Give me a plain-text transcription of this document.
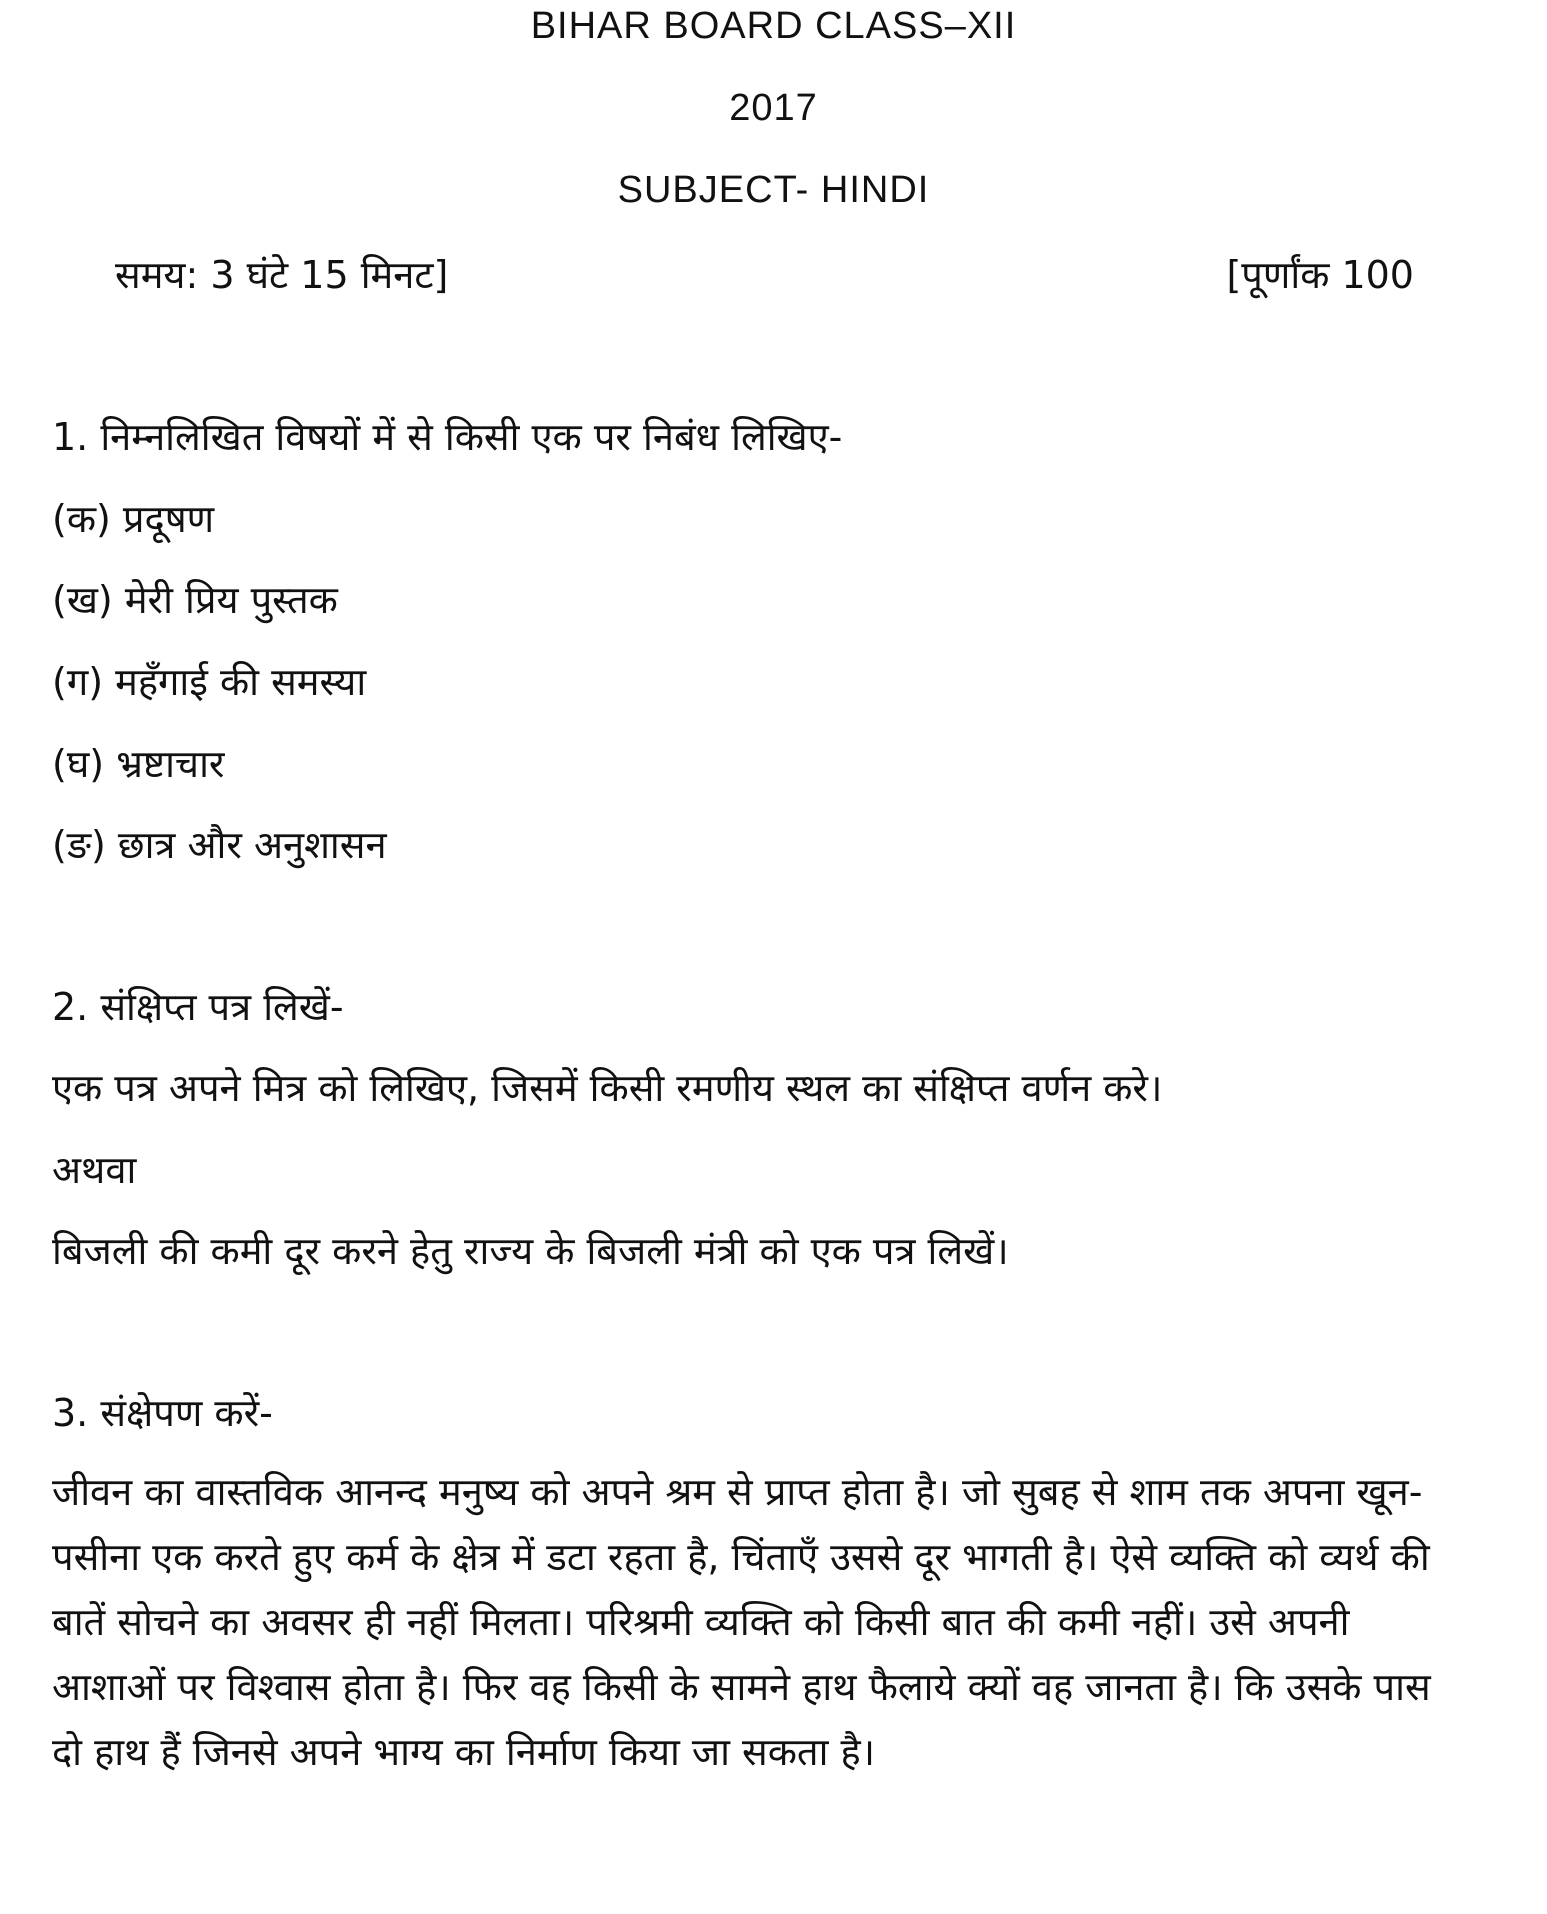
BIHAR BOARD CLASS–XII
2017
SUBJECT- HINDI
समय: 3 घंटे 15 मिनट]	[पूर्णांक 100
1. निम्नलिखित विषयों में से किसी एक पर निबंध लिखिए-
(क) प्रदूषण
(ख) मेरी प्रिय पुस्तक
(ग) महँगाई की समस्या
(घ) भ्रष्टाचार
(ङ) छात्र और अनुशासन
2. संक्षिप्त पत्र लिखें-
एक पत्र अपने मित्र को लिखिए, जिसमें किसी रमणीय स्थल का संक्षिप्त वर्णन करे।
अथवा
बिजली की कमी दूर करने हेतु राज्य के बिजली मंत्री को एक पत्र लिखें।
3. संक्षेपण करें-
जीवन का वास्तविक आनन्द मनुष्य को अपने श्रम से प्राप्त होता है। जो सुबह से शाम तक अपना खून-पसीना एक करते हुए कर्म के क्षेत्र में डटा रहता है, चिंताएँ उससे दूर भागती है। ऐसे व्यक्ति को व्यर्थ की बातें सोचने का अवसर ही नहीं मिलता। परिश्रमी व्यक्ति को किसी बात की कमी नहीं। उसे अपनी आशाओं पर विश्वास होता है। फिर वह किसी के सामने हाथ फैलाये क्यों वह जानता है। कि उसके पास दो हाथ हैं जिनसे अपने भाग्य का निर्माण किया जा सकता है।
